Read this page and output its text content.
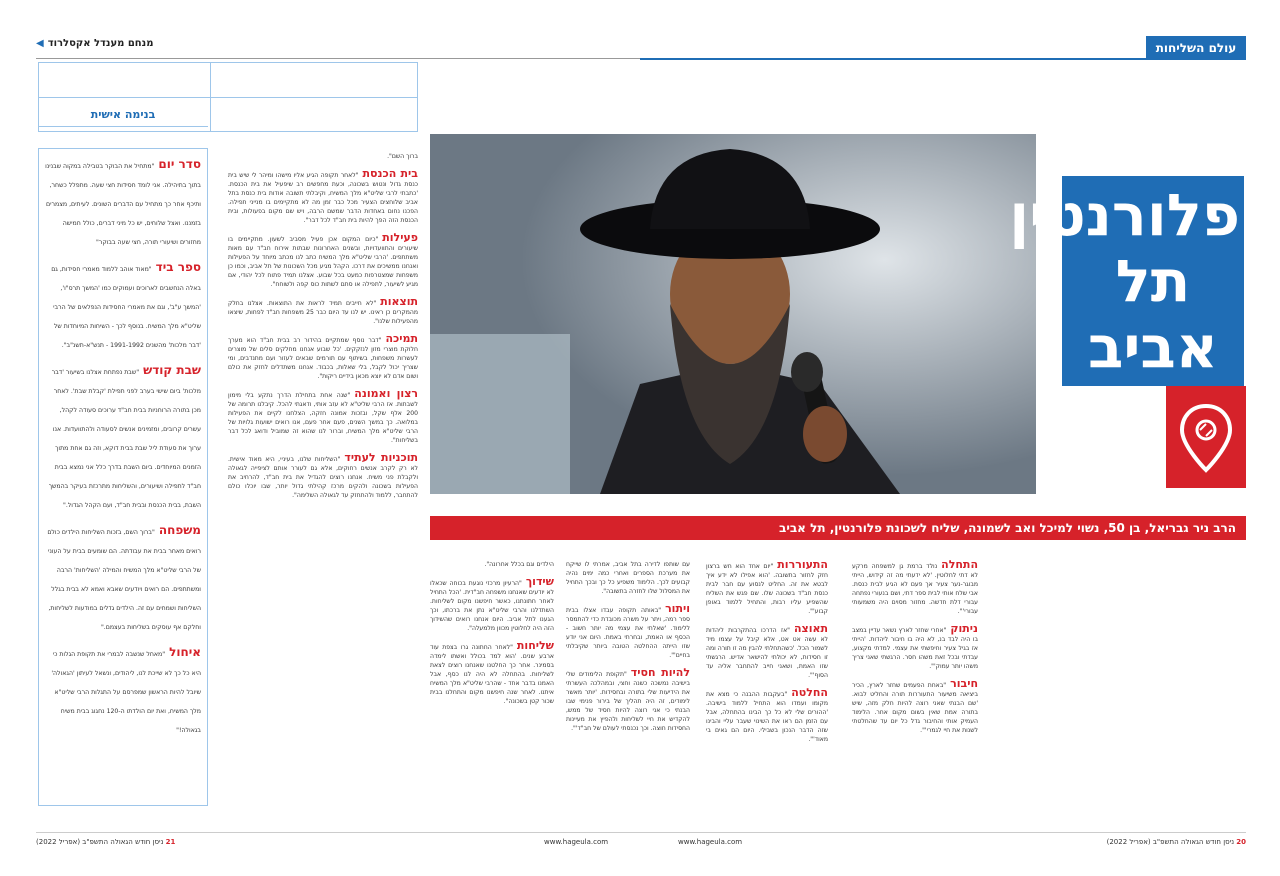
עולם השליחות
מנחם מענדל אקסלרוד◀
בנימה אישית
סדר יום

"מתחיל את הבוקר בטבילה במקוה שבנינו בתוך בתיהילה. אני לומד חסידות חצי שעה. מתפלל כשחר, ותיכף אחר כך מתחיל עם הדברים השונים. לעיתים, מצמרים בזמננו. ואצל שלוחים, יש כל מיני דברים, כולל חמישה מחזורים ושיעורי תורה, חצי שעה בבוקר"

ספר ביד

"מאוד אוהב ללמוד מאמרי חסידות, גם באלה הנחשבים לארוכים ועמוקים כמו 'המשך תרס"ו', 'המשך ע"ב', וגם את מאמרי החסידות הנפלאים של הרבי שליט"א מלך המשיח. בנוסף לכך - השיחות המיוחדות של 'דבר מלכות' מהשנים 1991-1992 - תנש"א-תשנ"ב".

שבת קודש

"שבת נפתחת אצלנו בשיעור 'דבר מלכות' ביום שישי בערב לפני תפילת 'קבלת שבת'. לאחר מכן בתורה הרוחניות בבית חב"ד ערוכים סעודה לקהל, עשרים קרובים, ומזמינים אנשים לסעודה ולהתוועדות. אנו ערוך את סעודת ליל שבת בבית דוקא, וזה גם אחת מתוך הזמנים המיוחדים. ביום השבת בדרך כלל אני נמצא בבית חב"ד לתפילה ושיעורים, והשליחות מתרכזת בעיקר בהמשך השבת, בבית הכנסת ובבית חב"ד, ועם הקהל הגדול."

משפחה

"ברוך השם, בזכות השליחות הילדים כולם רואים מאחר בבית את עבודתה. הם שומעים בבית על העוני של הרבי שליט"א מלך המשיח והמילה 'השליחות' הרבה ומשתתפים. הם רואים ויודעים שאבא ואמא לא בבית בגלל השליחות ושמחים עם זה. הילדים גדלים במודעות לשליחות, וחלקם אף עוסקים בשליחות בעצמם."

איחול

"מאחל שנשבה לבמרי את תקופת הגלות כי היא כל כך לא שייכת לנו, ליהודים, ונשאל לעיתון 'הגאולה' שיובל להיות הראשון שמפרסם על התגלות הרבי שליט"א מלך המשיח, ואת יום הולדתו ה-120 נחגוג בבית משיח בגאולה!"

ברוך השם".
בית הכנסת"לאחר תקופה הגיע אליו מישהו ומיהר לי שיש בית כנסת גדול ונטוש בשכונה, וכעת מחפשים רב שיפעיל את בית הכנסת. 'כתבתי לרבי שליט"א מלך המשיח, וקיבלתי תשובה אודות בית כנסת בתל אביב שלוחצים הצעיר מכל כבר זמן מה לא מתקיימים בו מנייני תפילה. הפכנו נחום באחדות הדבר שמשם הרבה, ויש שם מקום בפעולות, ובית הכנסת הזה הפך להיות בית חב"ד לכל דבר".
פעילות"כיום המקום אכן פעיל מסביב לשעון. מתקיימים בו שיעורים והתוועדויות, ובשנים האחרונות שבתות אירוח חב"ד עם מאות משתתפים. 'הרבי שליט"א מלך המשיח כתב לנו מכתב מיוחד על הפעילות ואנחנו ממשיכים את דרכו. הקהל מגיע מכל השכונות של תל אביב, וכמו כן משפחות שמצטרפות כמעט בכל שבוע. אצלנו תמיד פתוח לכל יהודי, אם מגיע לשיעור, לתפילה או סתם לשתות כוס קפה ולשוחח".
תוצאות"לא חייבים תמיד לראות את התוצאות. אצלנו בחלק מהמקרים כן ראינו. יש לנו עד היום כבר 25 משפחות חב"ד לפחות, שיצאו מהפעילות שלנו".
תמיכה"דבר נוסף שמתקיים בהידור רב בבית חב"ד הוא מערך חלוקת מוצרי מזון לנזקקים. 'כל שבוע אנחנו מחלקים סלים של מוצרים לעשרות משפחות, בשיתוף עם תורמים שבאים לעזור ועם מתנדבים, ומי שצריך יכול לקבל, בלי שאלות, בכבוד. אנחנו משתדלים לחזק את כולם ושום אדם לא יוצא מכאן בידיים ריקות".
רצון ואמונה"שנה אחת בתחילת הדרך נתקע בלי מימון לשבתות. אז הרבי שליט"א לא עזב אותי, ודאגתי להכל. קיבלנו תרומה של 200 אלף שקל, ובזכות אמונה חזקה, הצלחנו לקיים את הפעילות במלואה. כך במשך השנים, פעם אחר פעם, אנו רואים ישועות גלויות של הרבי שליט"א מלך המשיח, וברור לנו שהוא זה שמוביל ודואג לכל דבר בשליחות".
תוכניות לעתיד"השליחות שלנו, בעיניי, היא מאוד אישית. לא רק לקרב אנשים רחוקים, אלא גם לעורר אותם לציפייה לגאולה ולקבלת פני משיח. אנחנו רוצים להגדיל את בית חב"ד, להרחיב את הפעילות בשכונה ולהקים מרכז קהילתי גדול יותר, שבו יוכלו כולם להתחבר, ללמוד ולהתחזק עד לגאולה השלימה".
הילדים וגם בכלל אחרונה".
שידוך"הרעיון מרכזי נוגעת בכוחה שכאלו לא יודעים שאנחנו משפחה חב"דית. 'הכל התחיל לאחר חתונתנו, כאשר חיפשנו מקום לשליחות. השתדלנו והרבי שליט"א נתן את ברכתו, וכך הגענו לתל אביב. היום אנחנו רואים שהשידוך הזה היה לחלוטין מכוון מלמעלה".
שליחות"לאחר החתונה גרו בצפת עוד ארבע שנים. 'הוא למד בכולל ואשתו לימדה בסמינר. אחר כך החלטנו שאנחנו רוצים לצאת לשליחות. בהתחלה לא היה לנו כסף, אבל האמנו בדבר אחד - שהרבי שליט"א מלך המשיח איתנו. לאחר שנה חיפשנו מקום והתחלנו בבית שכור קטן בשכונה".
עם שותפו לדירה בתל אביב, אמרתי לו שייקח את מערכת הספרים ואחרי כמה ימים נהיה קבועים לכך. הלימוד משפיע כל כך ובכך התחיל את המסלול שלו לחזרה בתשובה".
ויתור"באותה תקופה עבדו אצלו בבית ספר רמה, ויתר על משרה מכובדת כדי להתמסר ללימוד. 'שאלתי את עצמי מה יותר חשוב - הכסף או האמת, ובחרתי באמת. היום אני יודע שזו הייתה ההחלטה הטובה ביותר שקיבלתי בחיים'".
להיות חסיד"תקופת הלימודים שלי בישיבה נמשכה כשנה וחצי, ובמהלכה העשרתי את הידיעות שלי בתורה ובחסידות. 'יותר מאשר לימודים, זה היה תהליך של בירור פנימי שבו הבנתי כי אני רוצה להיות חסיד של ממש, להקדיש את חיי לשליחות ולהפיץ את מעיינות החסידות חוצה. וכך נכנסתי לעולם של חב"ד'".
התעוררות"יום אחד הוא חש ברצון חזק לחזור בתשובה. 'הוא אפילו לא ידע איך לבטא את זה. החליט לנסוע עם חבר לבית כנסת חב"ד בשכונה שלו. שם פגש את השליח שהשפיע עליו רבות, והתחיל ללמוד באופן קבוע'".
תאוצה"אז הדרכו בהתקרבות ליהדות לא עשה אט אט, אלא קיבל על עצמו מיד לשמור הכל. 'כשהתחלתי להבין מה זו תורה ומה זו חסידות, לא יכולתי להישאר אדיש. הרגשתי שזו האמת, ושאני חייב להתחבר אליה עד הסוף'".
החלטה"בעקבות ההבנה כי מצא את מקומו ועמדו הוא התחיל ללמוד בישיבה. 'ההורים שלי לא כל כך הבינו בהתחלה, אבל עם הזמן הם ראו את השינוי שעבר עליי והבינו שזה הדבר הנכון בשבילי. היום הם גאים בי מאוד'".
התחלהנולד ברמת גן למשפחה מרקע לא דתי לחלוטין. 'לא ידעתי מה זה קידוש, הייתי מבוגר-נער צעיר אך פעם לא הגיע לבית כנסת. אבי שלח אותי לבית ספר דתי, ושם בנעורי נפתחה עבורי דלת חדשה. מחזור מסוים היה משמעותי עבורי'".
ניתוק"אחרי שחזר לארץ נשאר עדיין במצב בו היה לבד בנ, לא היה בו חיבור ליהדות. 'הייתי אז בגיל צעיר וחיפשתי את עצמי. למדתי מקצוע, עבדתי ובכל זאת משהו חסר. הרגשתי שאני צריך משהו יותר עמוק'".
חיבור"באחת הפעמים שחזר לארץ, הכיר ביציאה משיעור התעוררות תורה והחליט לבוא. 'שם הבנתי שאני רוצה להיות חלק מזה, שיש בתורה אמת שאין בשום מקום אחר. הלימוד העמיק אותי והחיבור גדל כל יום עד שהחלטתי לשנות את חיי לגמרי'".
פלורנטין
תל אביב
הרב ניר גבריאל, בן 50, נשוי למיכל ואב לשמונה, שליח לשכונת פלורנטין, תל אביב
21 ניסן חודש הגאולה התשפ"ב (אפריל 2022)	www.hageula.com	www.hageula.com	20 ניסן חודש הגאולה התשפ"ב (אפריל 2022)
